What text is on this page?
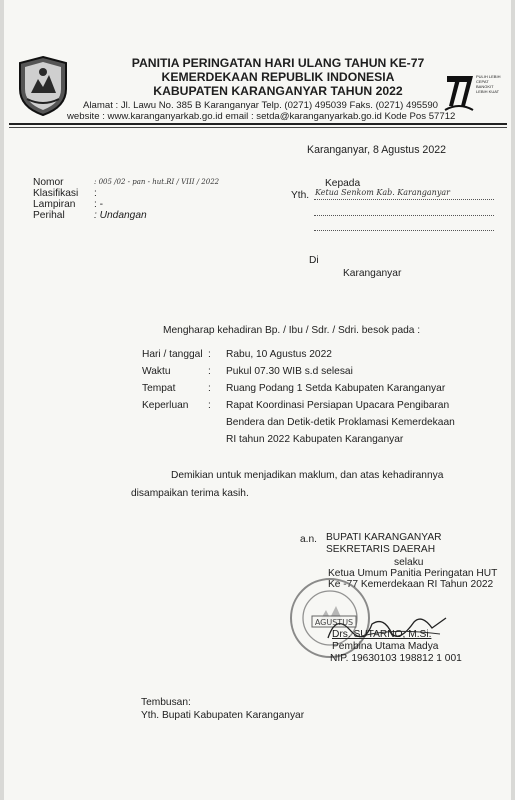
PANITIA PERINGATAN HARI ULANG TAHUN KE-77
KEMERDEKAAN REPUBLIK INDONESIA
KABUPATEN KARANGANYAR TAHUN 2022
Alamat : Jl. Lawu No. 385 B Karanganyar Telp. (0271) 495039 Faks. (0271) 495590
website : www.karanganyarkab.go.id email : setda@karanganyarkab.go.id Kode Pos 57712
PULIH LEBIH CEPAT BANGKIT LEBIH KUAT
Karanganyar, 8 Agustus 2022
Nomor	: 005 /02 - pan - hut.RI / VIII / 2022
Klasifikasi :
Lampiran : -
Perihal	: Undangan
Kepada
Yth. Ketua Senkom Kab. Karanganyar
Di
Karanganyar
Mengharap kehadiran Bp. / Ibu / Sdr. / Sdri. besok pada :
Hari / tanggal : Rabu, 10 Agustus 2022
Waktu	: Pukul 07.30 WIB s.d selesai
Tempat	: Ruang Podang 1 Setda Kabupaten Karanganyar
Keperluan : Rapat Koordinasi Persiapan Upacara Pengibaran
Bendera dan Detik-detik Proklamasi Kemerdekaan
RI tahun 2022 Kabupaten Karanganyar
Demikian untuk menjadikan maklum, dan atas kehadirannya
disampaikan terima kasih.
a.n. BUPATI KARANGANYAR
SEKRETARIS DAERAH
selaku
Ketua Umum Panitia Peringatan HUT
Ke -77 Kemerdekaan RI Tahun 2022
AGUSTUS
Drs. SUTARNO, M.Si.
Pembina Utama Madya
NIP. 19630103 198812 1 001
Tembusan:
Yth. Bupati Kabupaten Karanganyar
